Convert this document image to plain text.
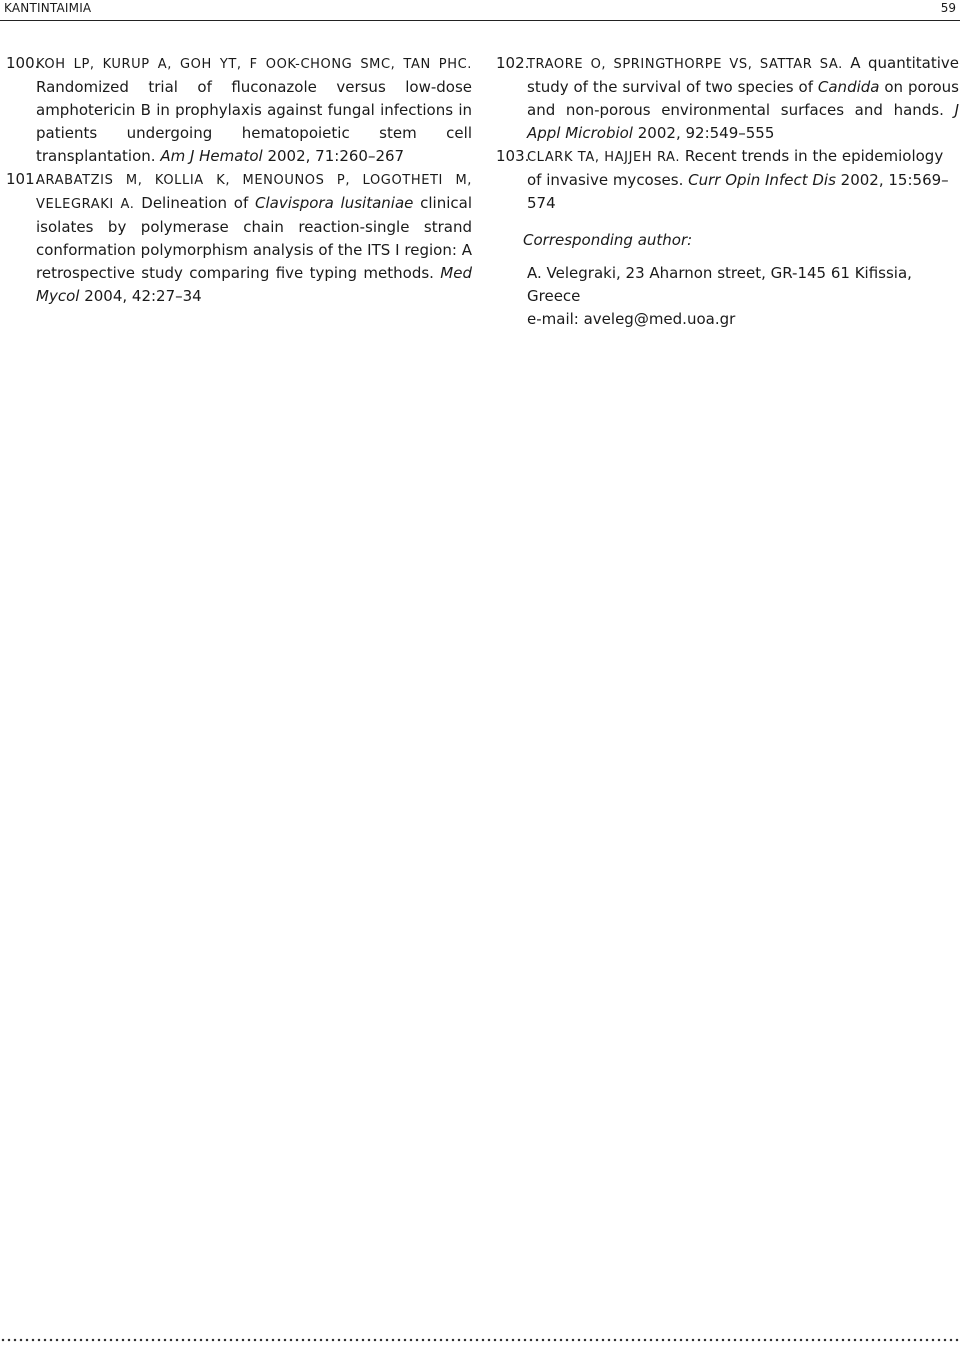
KANTINTAIMIA	59
100.
KOH LP, KURUP A, GOH YT, F OOK-CHONG SMC, TAN PHC. Randomized trial of fluconazole versus low-dose amphotericin B in prophylaxis against fungal infections in patients undergoing hematopoietic stem cell transplantation. Am J Hematol 2002, 71:260–267
101.
ARABATZIS M, KOLLIA K, MENOUNOS P, LOGOTHETI M, VELEGRAKI A. Delineation of Clavispora lusitaniae clinical isolates by polymerase chain reaction-single strand conformation polymorphism analysis of the ITS I region: A retrospective study comparing five typing methods. Med Mycol 2004, 42:27–34
102.
TRAORE O, SPRINGTHORPE VS, SATTAR SA. A quantitative study of the survival of two species of Candida on porous and non-porous environmental surfaces and hands. J Appl Microbiol 2002, 92:549–555
103.
CLARK TA, HAJJEH RA. Recent trends in the epidemiology of invasive mycoses. Curr Opin Infect Dis 2002, 15:569–574
Corresponding author:
A. Velegraki, 23 Aharnon street, GR-145 61 Kifissia, Greece
e-mail: aveleg@med.uoa.gr
